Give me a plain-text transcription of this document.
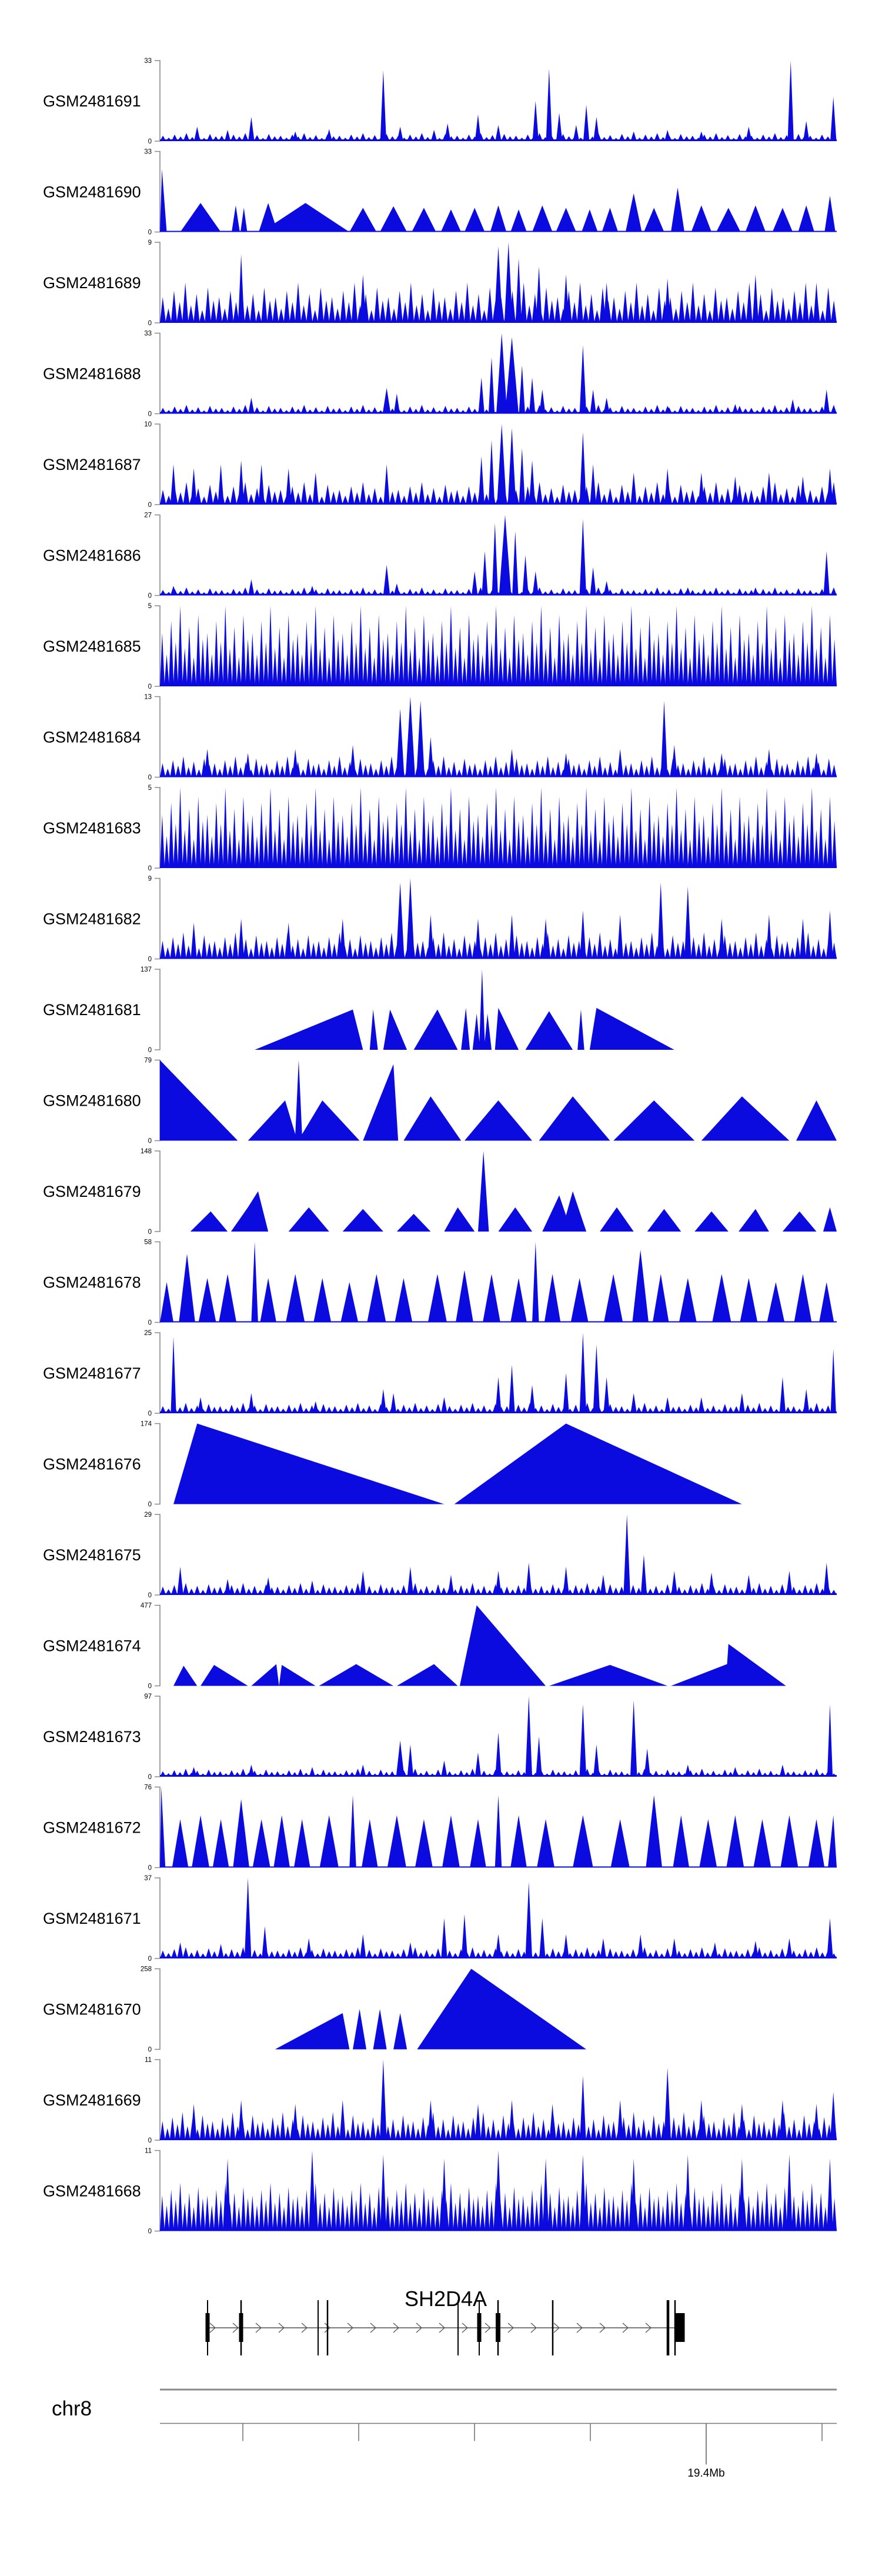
GSM2481691
33
0
GSM2481690
33
0
GSM2481689
9
0
GSM2481688
33
0
GSM2481687
10
0
GSM2481686
27
0
GSM2481685
5
0
GSM2481684
13
0
GSM2481683
5
0
GSM2481682
9
0
GSM2481681
137
0
GSM2481680
79
0
GSM2481679
148
0
GSM2481678
58
0
GSM2481677
25
0
GSM2481676
174
0
GSM2481675
29
0
GSM2481674
477
0
GSM2481673
97
0
GSM2481672
76
0
GSM2481671
37
0
GSM2481670
258
0
GSM2481669
11
0
GSM2481668
11
0
SH2D4A
chr8
19.4Mb
